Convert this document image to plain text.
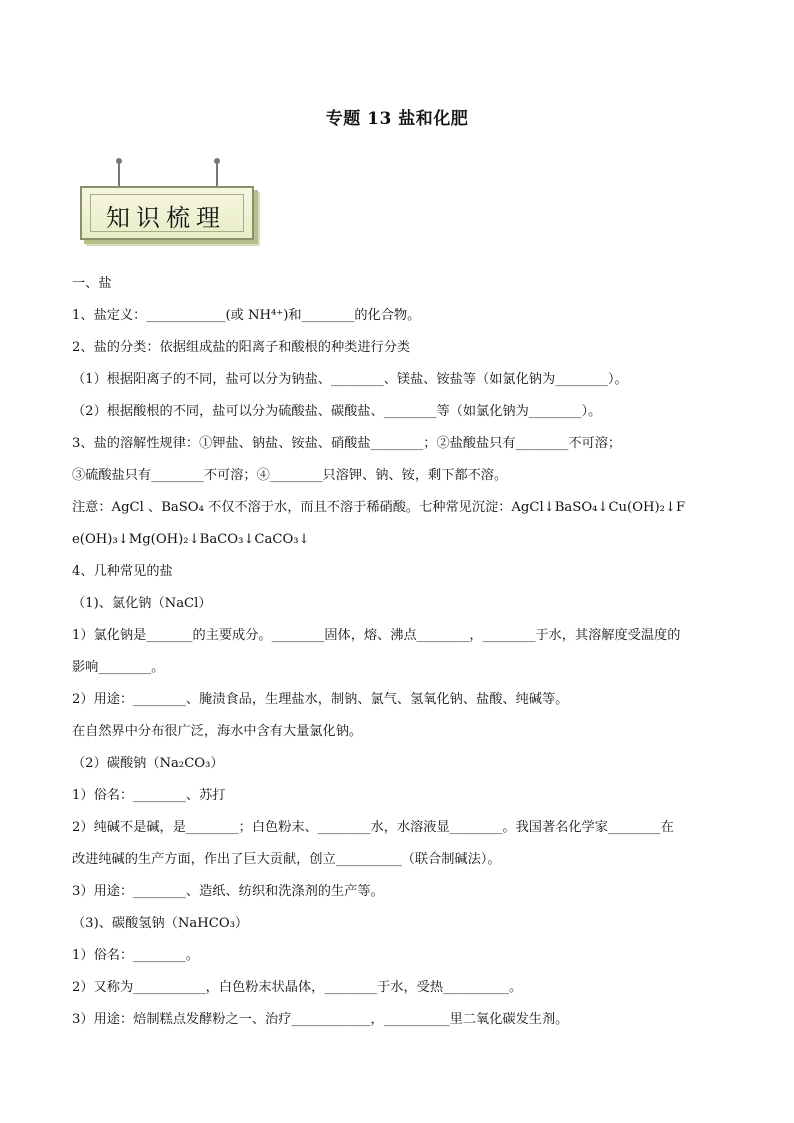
专题 13 盐和化肥
知识梳理
一、盐
1、盐定义：____________(或 NH⁴⁺)和________的化合物。
2、盐的分类：依据组成盐的阳离子和酸根的种类进行分类
（1）根据阳离子的不同，盐可以分为钠盐、________、镁盐、铵盐等（如氯化钠为________）。
（2）根据酸根的不同，盐可以分为硫酸盐、碳酸盐、________等（如氯化钠为________）。
3、盐的溶解性规律：①钾盐、钠盐、铵盐、硝酸盐________；②盐酸盐只有________不可溶；
③硫酸盐只有________不可溶；④________只溶钾、钠、铵，剩下都不溶。
注意：AgCl 、BaSO₄ 不仅不溶于水，而且不溶于稀硝酸。七种常见沉淀：AgCl↓BaSO₄↓Cu(OH)₂↓F
e(OH)₃↓Mg(OH)₂↓BaCO₃↓CaCO₃↓
4、几种常见的盐
（1)、氯化钠（NaCl）
1）氯化钠是_______的主要成分。________固体，熔、沸点________，________于水，其溶解度受温度的
影响________。
2）用途：________、腌渍食品，生理盐水，制钠、氯气、氢氧化钠、盐酸、纯碱等。
在自然界中分布很广泛，海水中含有大量氯化钠。
（2）碳酸钠（Na₂CO₃）
1）俗名：________、苏打
2）纯碱不是碱，是________；白色粉末、________水，水溶液显________。我国著名化学家________在
改进纯碱的生产方面，作出了巨大贡献，创立__________（联合制碱法）。
3）用途：________、造纸、纺织和洗涤剂的生产等。
（3)、碳酸氢钠（NaHCO₃）
1）俗名：________。
2）又称为___________，白色粉末状晶体，________于水，受热__________。
3）用途：焙制糕点发酵粉之一、治疗____________，__________里二氧化碳发生剂。
